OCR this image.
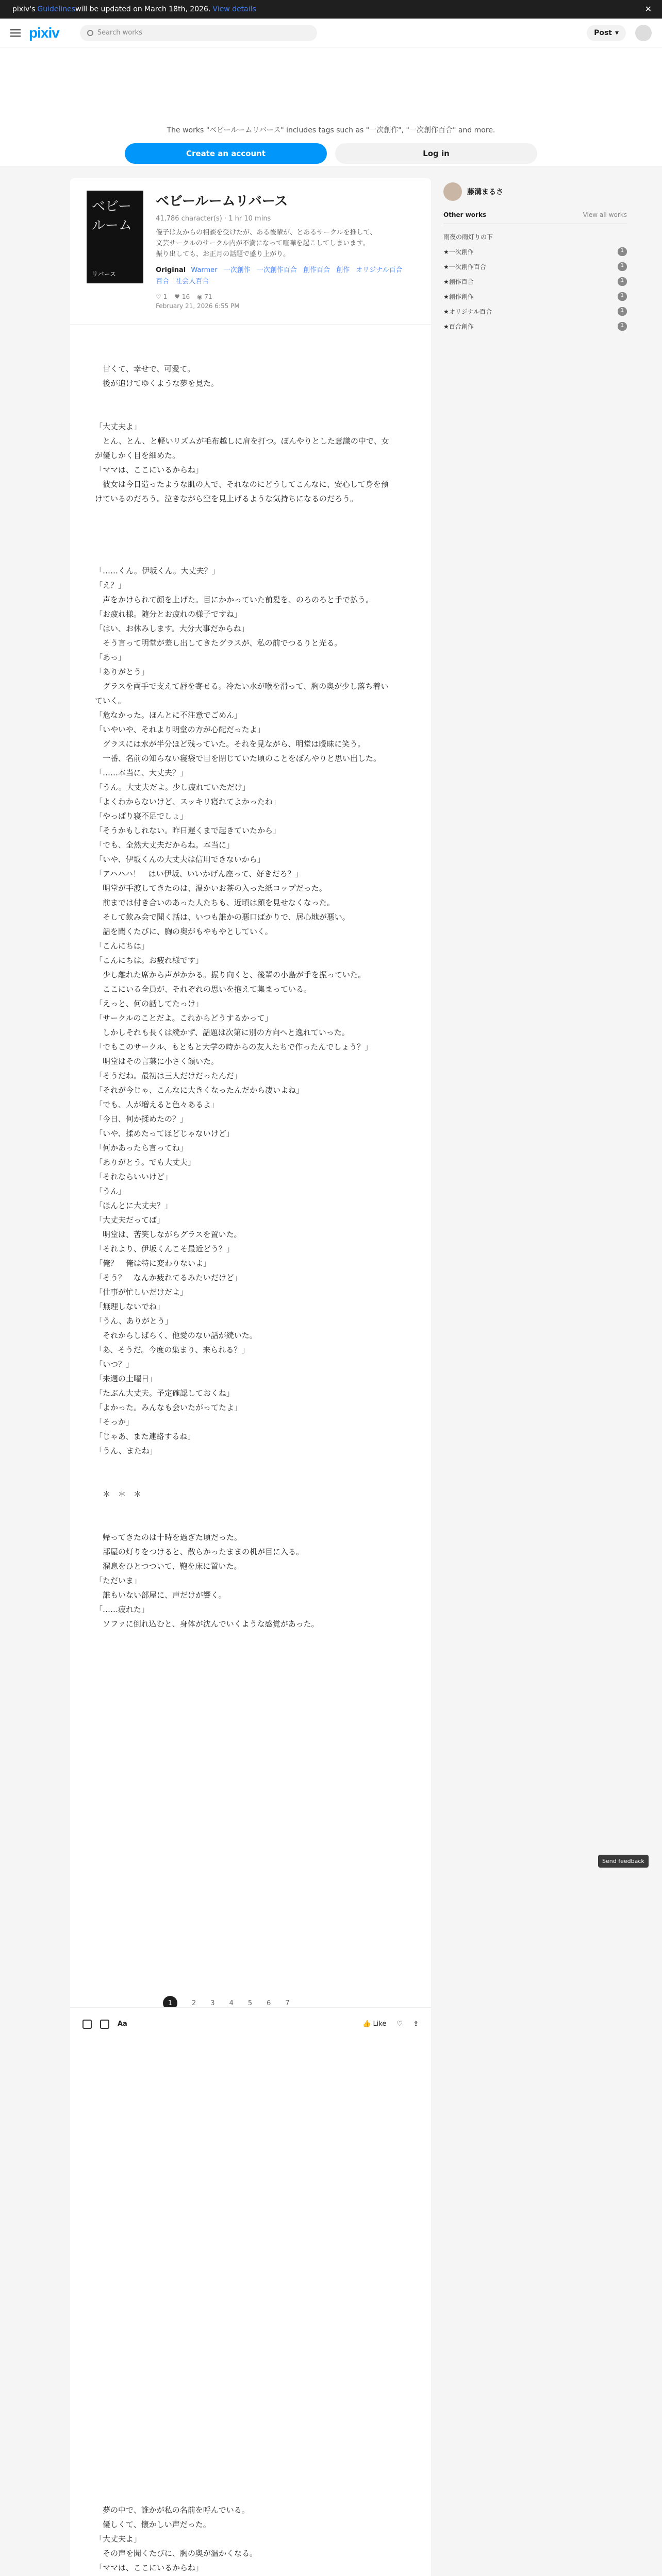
pixiv's Guidelines will be updated on March 18th, 2026. View details	✕
pixiv	Search works	Post ▾

The works "ベビールームリバース" includes tags such as "一次創作", "一次創作百合" and more.

Create an account	Log in
ベビールーム
リバース
ベビールームリバース
41,786 character(s) · 1 hr 10 mins
優子は友からの相談を受けたが、ある後輩が、とあるサークルを推して、
文芸サークルのサークル内が不満になって喧嘩を起こしてしまいます。
振り出しても、お正月の話題で盛り上がり。
Original Warmer 一次創作 一次創作百合 創作百合 創作 オリジナル百合 百合 社会人百合
♡ 1 ♥ 16 ◉ 71
February 21, 2026 6:55 PM
　甘くて、幸せで、可愛て。
　後が追けてゆくような夢を見た。

「大丈夫よ」
　とん、とん、と軽いリズムが毛布越しに肩を打つ。ぼんやりとした意識の中で、女
が優しかく目を細めた。
「ママは、ここにいるからね」
　彼女は今日造ったような肌の人で、それなのにどうしてこんなに、安心して身を預
けているのだろう。泣きながら空を見上げるような気持ちになるのだろう。

「……くん。伊坂くん。大丈夫？」
「え？」
　声をかけられて顔を上げた。目にかかっていた前髪を、のろのろと手で払う。
「お疲れ様。随分とお疲れの様子ですね」
「はい、お休みします。大分大事だからね」
　そう言って明堂が差し出してきたグラスが、私の前でつるりと光る。
「あっ」
「ありがとう」
　グラスを両手で支えて唇を寄せる。冷たい水が喉を滑って、胸の奥が少し落ち着い
ていく。
「危なかった。ほんとに不注意でごめん」
「いやいや、それより明堂の方が心配だったよ」
　グラスには水が半分ほど残っていた。それを見ながら、明堂は曖昧に笑う。
　一番、名前の知らない寝袋で目を閉じていた頃のことをぼんやりと思い出した。
「……本当に、大丈夫？」
「うん。大丈夫だよ。少し疲れていただけ」
「よくわからないけど、スッキリ寝れてよかったね」
「やっぱり寝不足でしょ」
「そうかもしれない。昨日遅くまで起きていたから」
「でも、全然大丈夫だからね。本当に」
「いや、伊坂くんの大丈夫は信用できないから」
「アハハハ！　はい伊坂、いいかげん座って、好きだろ？」
　明堂が手渡してきたのは、温かいお茶の入った紙コップだった。
　前までは付き合いのあった人たちも、近頃は顔を見せなくなった。
　そして飲み会で聞く話は、いつも誰かの悪口ばかりで、居心地が悪い。
　話を聞くたびに、胸の奥がもやもやとしていく。
「こんにちは」
「こんにちは。お疲れ様です」
　少し離れた席から声がかかる。振り向くと、後輩の小島が手を振っていた。
　ここにいる全員が、それぞれの思いを抱えて集まっている。
「えっと、何の話してたっけ」
「サークルのことだよ。これからどうするかって」
　しかしそれも長くは続かず、話題は次第に別の方向へと逸れていった。
「でもこのサークル、もともと大学の時からの友人たちで作ったんでしょう？」
　明堂はその言葉に小さく頷いた。
「そうだね。最初は三人だけだったんだ」
「それが今じゃ、こんなに大きくなったんだから凄いよね」
「でも、人が増えると色々あるよ」
「今日、何か揉めたの？」
「いや、揉めたってほどじゃないけど」
「何かあったら言ってね」
「ありがとう。でも大丈夫」
「それならいいけど」
「うん」
「ほんとに大丈夫？」
「大丈夫だってば」
　明堂は、苦笑しながらグラスを置いた。
「それより、伊坂くんこそ最近どう？」
「俺？　俺は特に変わりないよ」
「そう？　なんか疲れてるみたいだけど」
「仕事が忙しいだけだよ」
「無理しないでね」
「うん、ありがとう」
　それからしばらく、他愛のない話が続いた。
「あ、そうだ。今度の集まり、来られる？」
「いつ？」
「来週の土曜日」
「たぶん大丈夫。予定確認しておくね」
「よかった。みんなも会いたがってたよ」
「そっか」
「じゃあ、また連絡するね」
「うん、またね」

　＊　＊　＊

　帰ってきたのは十時を過ぎた頃だった。
　部屋の灯りをつけると、散らかったままの机が目に入る。
　溜息をひとつついて、鞄を床に置いた。
「ただいま」
　誰もいない部屋に、声だけが響く。
「……疲れた」
　ソファに倒れ込むと、身体が沈んでいくような感覚があった。

　夢の中で、誰かが私の名前を呼んでいる。
　優しくて、懐かしい声だった。
「大丈夫よ」
　その声を聞くたびに、胸の奥が温かくなる。
「ママは、ここにいるからね」

1	2 3 4 5 6 7
Aa	👍 Like ♡ ⇪
藤溝まるさ
Other works	View all works
雨夜の雨灯りの下
★一次創作	1
★一次創作百合	1
★創作百合	1
★創作創作	1
★オリジナル百合	1
★百合創作	1
Send feedback
